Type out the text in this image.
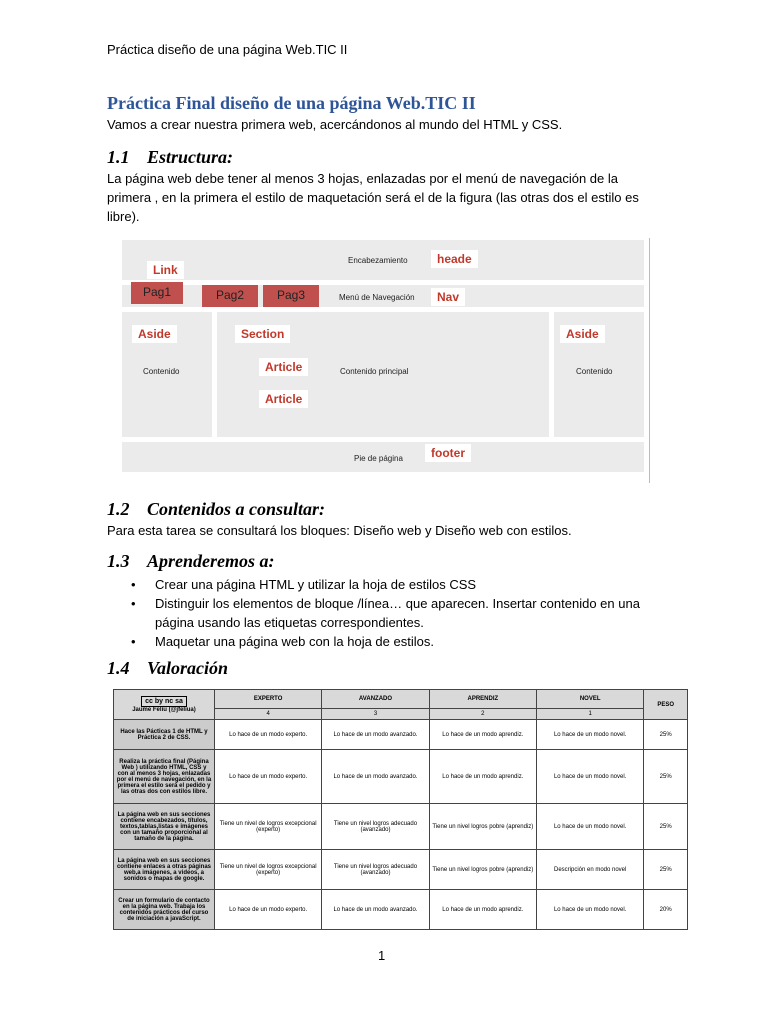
Práctica diseño de una página Web.TIC II
Práctica Final diseño de una página Web.TIC II
Vamos a crear nuestra primera web, acercándonos al mundo del HTML y CSS.
1.1 Estructura:
La página web debe tener al menos 3 hojas, enlazadas por el menú de navegación de la primera , en la primera el estilo de maquetación será el de la figura (las otras dos el estilo es libre).
Encabezamiento	heade
Link
Pag1	Pag2	Pag3	Menú de Navegación	Nav
Aside	Section	Aside
Contenido	Article	Contenido principal	Contenido
Article
Pie de página	footer
1.2 Contenidos a consultar:
Para esta tarea se consultará los bloques: Diseño web y Diseño web con estilos.
1.3 Aprenderemos a:
• Crear una página HTML y utilizar la hoja de estilos CSS
• Distinguir los elementos de bloque /línea… que aparecen. Insertar contenido en una página usando las etiquetas correspondientes.
• Maquetar una página web con la hoja de estilos.
1.4 Valoración
cc by nc sa
Jaume Feliu (@jfeliua)	EXPERTO	AVANZADO	APRENDIZ	NOVEL	PESO
	4	3	2	1	
Hace las Pácticas 1 de HTML y Práctica 2 de CSS.	Lo hace de un modo experto.	Lo hace de un modo avanzado.	Lo hace de un modo aprendiz.	Lo hace de un modo novel.	25%
Realiza la práctica final (Página Web ) utilizando HTML, CSS y con al menos 3 hojas, enlazadas por el menú de navegación, en la primera el estilo será el pedido y las otras dos con estilos libre.	Lo hace de un modo experto.	Lo hace de un modo avanzado.	Lo hace de un modo aprendiz.	Lo hace de un modo novel.	25%
La página web en sus secciones contiene encabezados, títulos, textos,tablas,listas e imágenes con un tamaño proporcional al tamaño de la página.	Tiene un nivel de logros excepcional (experto)	Tiene un nivel logros adecuado (avanzado)	Tiene un nivel logros pobre (aprendiz)	Lo hace de un modo novel.	25%
La página web en sus secciones contiene enlaces a otras páginas web,a imágenes, a videos, a sonidos o mapas de google.	Tiene un nivel de logros excepcional (experto)	Tiene un nivel logros adecuado (avanzado)	Tiene un nivel logros pobre (aprendiz)	Descripción en modo novel	25%
Crear un formulario de contacto en la página web. Trabaja los contenidos prácticos del curso de iniciación a javaScript.	Lo hace de un modo experto.	Lo hace de un modo avanzado.	Lo hace de un modo aprendiz.	Lo hace de un modo novel.	20%
1
